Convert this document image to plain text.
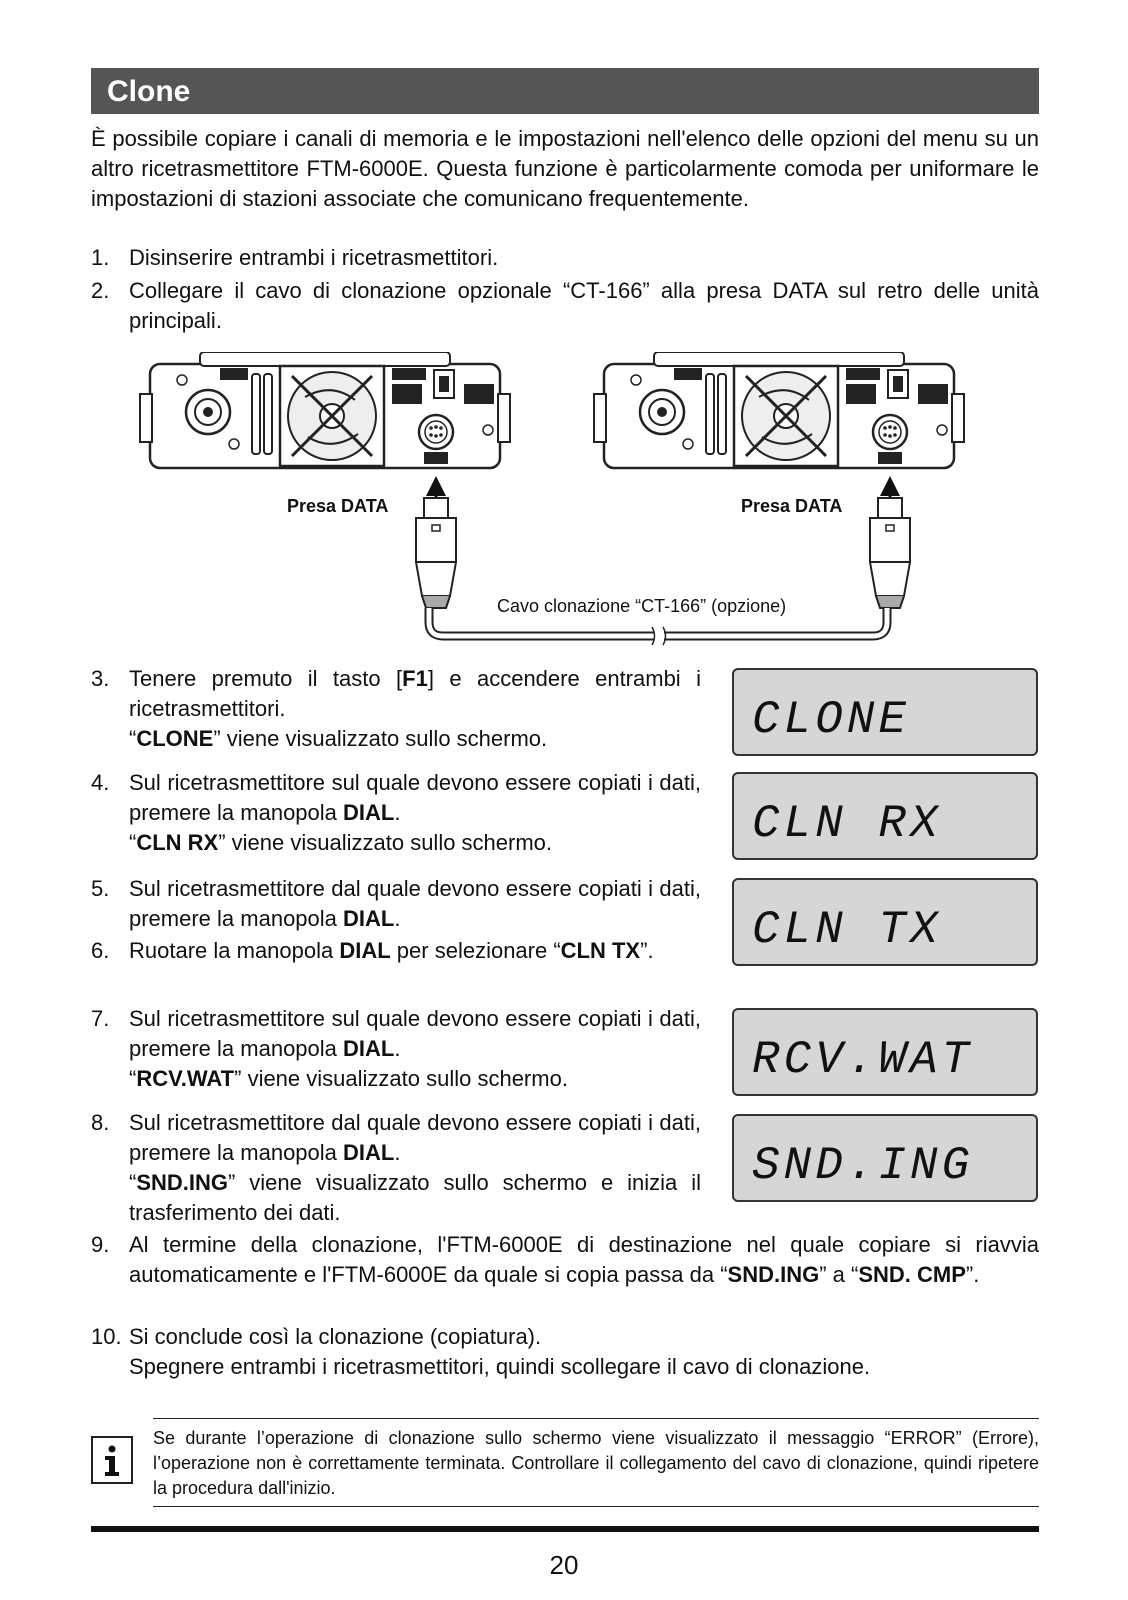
Clone
È possibile copiare i canali di memoria e le impostazioni nell'elenco delle opzioni del menu su un altro ricetrasmettitore FTM-6000E. Questa funzione è particolarmente comoda per uniformare le impostazioni di stazioni associate che comunicano frequentemente.
1. Disinserire entrambi i ricetrasmettitori.
2. Collegare il cavo di clonazione opzionale “CT-166” alla presa DATA sul retro delle unità principali.
Presa DATA	Presa DATA
Cavo clonazione “CT-166” (opzione)
3. Tenere premuto il tasto [F1] e accendere entrambi i ricetrasmettitori.

“CLONE” viene visualizzato sullo schermo.

4. Sul ricetrasmettitore sul quale devono essere copiati i dati, premere la manopola DIAL.

“CLN RX” viene visualizzato sullo schermo.

5. Sul ricetrasmettitore dal quale devono essere copiati i dati, premere la manopola DIAL.

6. Ruotare la manopola DIAL per selezionare “CLN TX”.

7. Sul ricetrasmettitore sul quale devono essere copiati i dati, premere la manopola DIAL.

“RCV.WAT” viene visualizzato sullo schermo.

8. Sul ricetrasmettitore dal quale devono essere copiati i dati, premere la manopola DIAL.

“SND.ING” viene visualizzato sullo schermo e inizia il trasferimento dei dati.

9. Al termine della clonazione, l'FTM-6000E di destinazione nel quale copiare si riavvia automaticamente e l'FTM-6000E da quale si copia passa da “SND.ING” a “SND. CMP”.

10. Si conclude così la clonazione (copiatura).

Spegnere entrambi i ricetrasmettitori, quindi scollegare il cavo di clonazione.

CLONE
CLN RX
CLN TX
RCV.WAT
SND.ING
Se durante l’operazione di clonazione sullo schermo viene visualizzato il messaggio “ERROR” (Errore), l’operazione non è correttamente terminata. Controllare il collegamento del cavo di clonazione, quindi ripetere la procedura dall'inizio.
20
